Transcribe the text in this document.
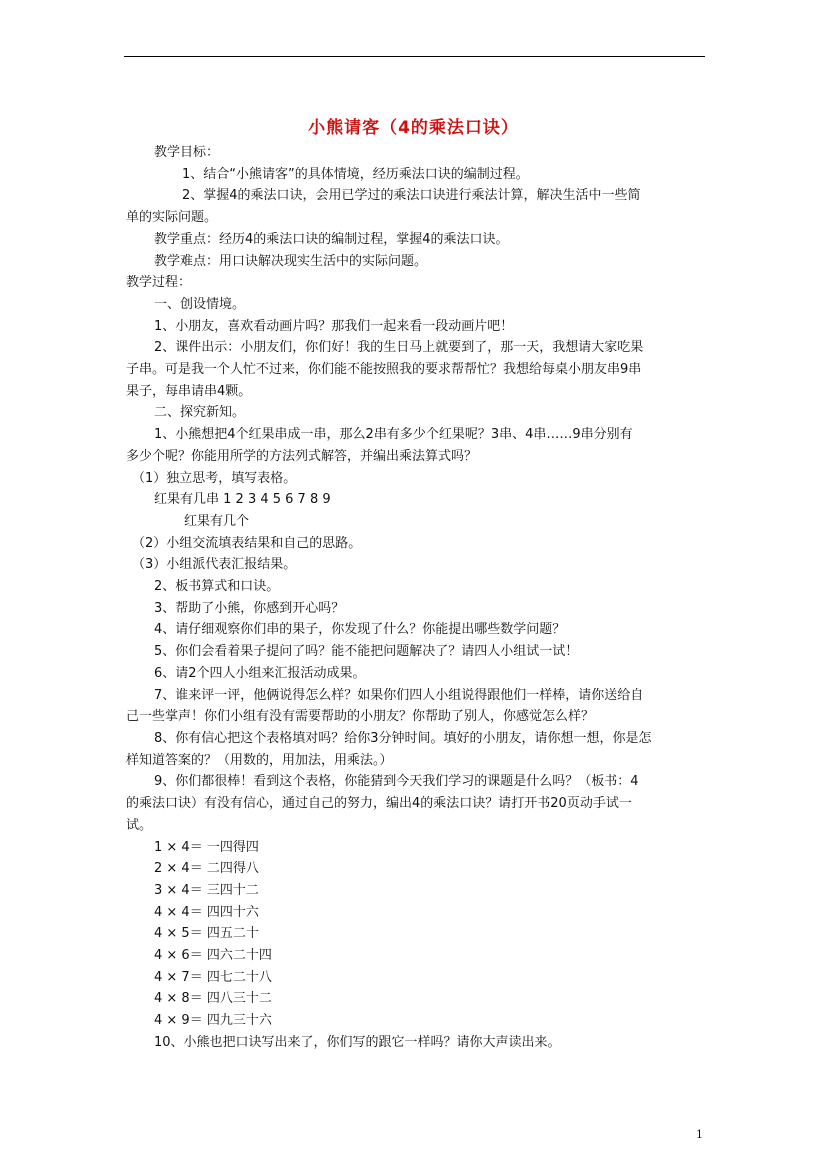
小熊请客（4的乘法口诀）
教学目标：
1、结合“小熊请客”的具体情境，经历乘法口诀的编制过程。
2、掌握4的乘法口诀，会用已学过的乘法口诀进行乘法计算，解决生活中一些简
单的实际问题。
教学重点：经历4的乘法口诀的编制过程，掌握4的乘法口诀。
教学难点：用口诀解决现实生活中的实际问题。
教学过程：
一、创设情境。
1、小朋友，喜欢看动画片吗？那我们一起来看一段动画片吧！
2、课件出示：小朋友们，你们好！我的生日马上就要到了，那一天，我想请大家吃果
子串。可是我一个人忙不过来，你们能不能按照我的要求帮帮忙？我想给每桌小朋友串9串
果子，每串请串4颗。
二、探究新知。
1、小熊想把4个红果串成一串，那么2串有多少个红果呢？3串、4串……9串分别有
多少个呢？你能用所学的方法列式解答，并编出乘法算式吗？
（1）独立思考，填写表格。
红果有几串 1 2 3 4 5 6 7 8 9
红果有几个
（2）小组交流填表结果和自己的思路。
（3）小组派代表汇报结果。
2、板书算式和口诀。
3、帮助了小熊，你感到开心吗？
4、请仔细观察你们串的果子，你发现了什么？你能提出哪些数学问题？
5、你们会看着果子提问了吗？能不能把问题解决了？请四人小组试一试！
6、请2个四人小组来汇报活动成果。
7、谁来评一评，他俩说得怎么样？如果你们四人小组说得跟他们一样棒，请你送给自
己一些掌声！你们小组有没有需要帮助的小朋友？你帮助了别人，你感觉怎么样？
8、你有信心把这个表格填对吗？给你3分钟时间。填好的小朋友，请你想一想，你是怎
样知道答案的？（用数的，用加法，用乘法。）
9、你们都很棒！看到这个表格，你能猜到今天我们学习的课题是什么吗？（板书：4
的乘法口诀）有没有信心，通过自己的努力，编出4的乘法口诀？请打开书20页动手试一
试。
1 × 4＝ 一四得四
2 × 4＝ 二四得八
3 × 4＝ 三四十二
4 × 4＝ 四四十六
4 × 5＝ 四五二十
4 × 6＝ 四六二十四
4 × 7＝ 四七二十八
4 × 8＝ 四八三十二
4 × 9＝ 四九三十六
10、小熊也把口诀写出来了，你们写的跟它一样吗？请你大声读出来。
1
